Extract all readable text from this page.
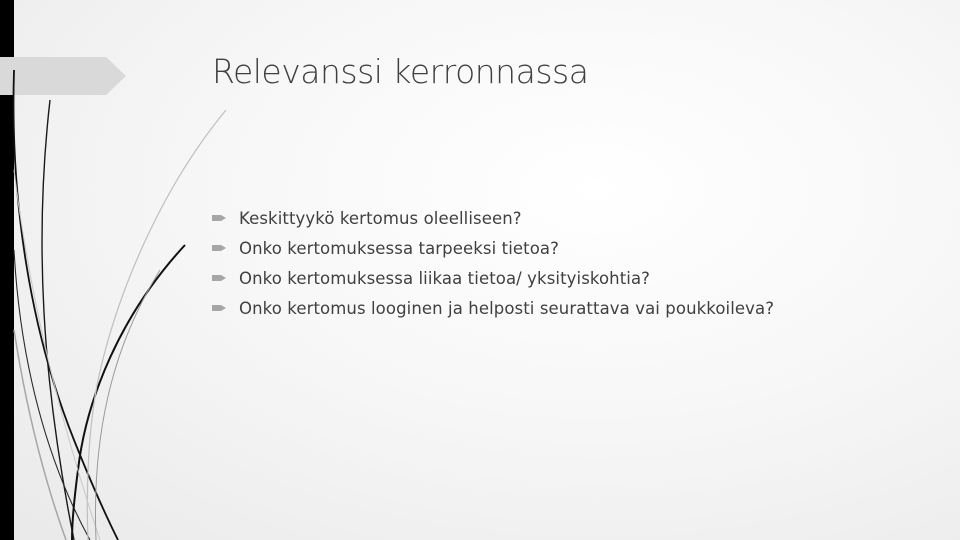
Relevanssi kerronnassa
Keskittyykö kertomus oleelliseen?
Onko kertomuksessa tarpeeksi tietoa?
Onko kertomuksessa liikaa tietoa/ yksityiskohtia?
Onko kertomus looginen ja helposti seurattava vai poukkoileva?
